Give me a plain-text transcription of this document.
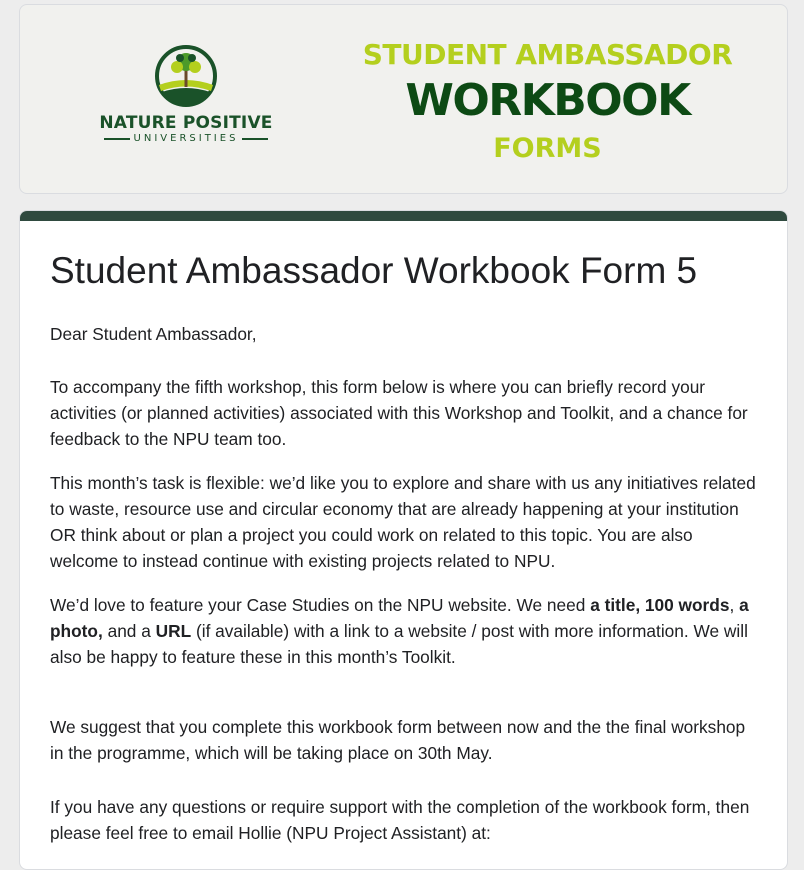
NATURE POSITIVE
UNIVERSITIES
STUDENT AMBASSADOR
WORKBOOK
FORMS
Student Ambassador Workbook Form 5

Dear Student Ambassador,

To accompany the fifth workshop, this form below is where you can briefly record your activities (or planned activities) associated with this Workshop and Toolkit, and a chance for feedback to the NPU team too.

This month’s task is flexible: we’d like you to explore and share with us any initiatives related to waste, resource use and circular economy that are already happening at your institution OR think about or plan a project you could work on related to this topic. You are also welcome to instead continue with existing projects related to NPU.

We’d love to feature your Case Studies on the NPU website. We need a title, 100 words, a photo, and a URL (if available) with a link to a website / post with more information. We will also be happy to feature these in this month’s Toolkit.

We suggest that you complete this workbook form between now and the the final workshop in the programme, which will be taking place on 30th May.

If you have any questions or require support with the completion of the workbook form, then please feel free to email Hollie (NPU Project Assistant) at:
